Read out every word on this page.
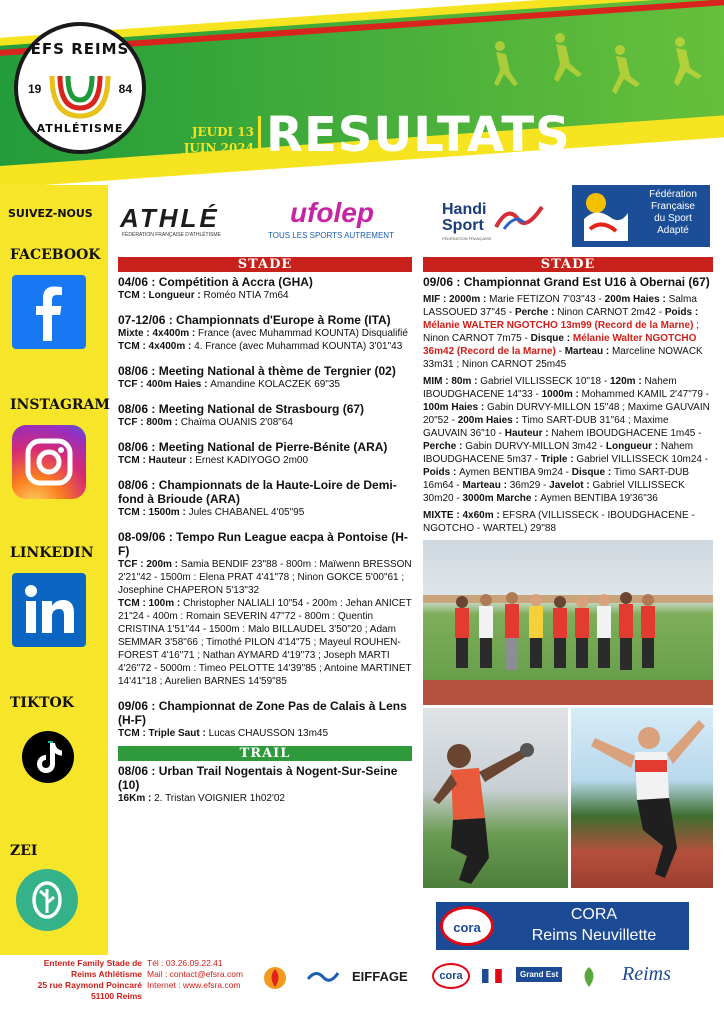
EFS REIMS
19	84
ATHLÉTISME	JEUDI 13
JUIN 2024 RESULTATS
SUIVEZ-NOUS
FACEBOOK
INSTAGRAM
LINKEDIN
TIKTOK
ZEI
ATHLÉ
FÉDÉRATION FRANÇAISE D'ATHLÉTISME
ufolep
TOUS LES SPORTS AUTREMENT
Handi
Sport
FÉDÉRATION FRANÇAISE
Fédération
Française
du Sport
Adapté
STADE
04/06 : Compétition à Accra (GHA)
TCM : Longueur : Roméo NTIA 7m64
07-12/06 : Championnats d'Europe à Rome (ITA)
Mixte : 4x400m : France (avec Muhammad KOUNTA) Disqualifié
TCM : 4x400m : 4. France (avec Muhammad KOUNTA) 3'01"43
08/06 : Meeting National à thème de Tergnier (02)
TCF : 400m Haies : Amandine KOLACZEK 69"35
08/06 : Meeting National de Strasbourg (67)
TCF : 800m : Chaïma OUANIS 2'08"64
08/06 : Meeting National de Pierre-Bénite (ARA)
TCM : Hauteur : Ernest KADIYOGO 2m00
08/06 : Championnats de la Haute-Loire de Demi-fond à Brioude (ARA)
TCM : 1500m : Jules CHABANEL 4'05"95
08-09/06 : Tempo Run League eacpa à Pontoise (H-F)
TCF : 200m : Samia BENDIF 23"88 - 800m : Maïwenn BRESSON 2'21"42 - 1500m : Elena PRAT 4'41"78 ; Ninon GOKCE 5'00"61 ; Josephine CHAPERON 5'13"32
TCM : 100m : Christopher NALIALI 10"54 - 200m : Jehan ANICET 21"24 - 400m : Romain SEVERIN 47"72 - 800m : Quentin CRISTINA 1'51"44 - 1500m : Malo BILLAUDEL 3'50"20 ; Adam SEMMAR 3'58"66 ; Timothé PILON 4'14"75 ; Mayeul ROUHEN-FOREST 4'16"71 ; Nathan AYMARD 4'19"73 ; Joseph MARTI 4'26"72 - 5000m : Timeo PELOTTE 14'39"85 ; Antoine MARTINET 14'41"18 ; Aurelien BARNES 14'59"85
09/06 : Championnat de Zone Pas de Calais à Lens (H-F)
TCM : Triple Saut : Lucas CHAUSSON 13m45
TRAIL
08/06 : Urban Trail Nogentais à Nogent-Sur-Seine (10)
16Km : 2. Tristan VOIGNIER 1h02'02
STADE
09/06 : Championnat Grand Est U16 à Obernai (67)
MIF : 2000m : Marie FETIZON 7'03"43 - 200m Haies : Salma LASSOUED 37"45 - Perche : Ninon CARNOT 2m42 - Poids : Mélanie WALTER NGOTCHO 13m99 (Record de la Marne) ; Ninon CARNOT 7m75 - Disque : Mélanie Walter NGOTCHO 36m42 (Record de la Marne) - Marteau : Marceline NOWACK 33m31 ; Ninon CARNOT 25m45
MIM : 80m : Gabriel VILLISSECK 10"18 - 120m : Nahem IBOUDGHACENE 14"33 - 1000m : Mohammed KAMIL 2'47"79 - 100m Haies : Gabin DURVY-MILLON 15"48 ; Maxime GAUVAIN 20"52 - 200m Haies : Timo SART-DUB 31"64 ; Maxime GAUVAIN 36"10 - Hauteur : Nahem IBOUDGHACENE 1m45 - Perche : Gabin DURVY-MILLON 3m42 - Longueur : Nahem IBOUDGHACENE 5m37 - Triple : Gabriel VILLISSECK 10m24 - Poids : Aymen BENTIBA 9m24 - Disque : Timo SART-DUB 16m64 - Marteau : 36m29 - Javelot : Gabriel VILLISSECK 30m20 - 3000m Marche : Aymen BENTIBA 19'36"36
MIXTE : 4x60m : EFSRA (VILLISSECK - IBOUDGHACENE - NGOTCHO - WARTEL) 29"88
cora
CORA
Reims Neuvillette
Entente Family Stade de
Reims Athlétisme
25 rue Raymond Poincaré
51100 Reims
Tél : 03.26.09.22.41
Mail : contact@efsra.com
Internet : www.efsra.com
EIFFAGE	cora	Grand Est	Reims
